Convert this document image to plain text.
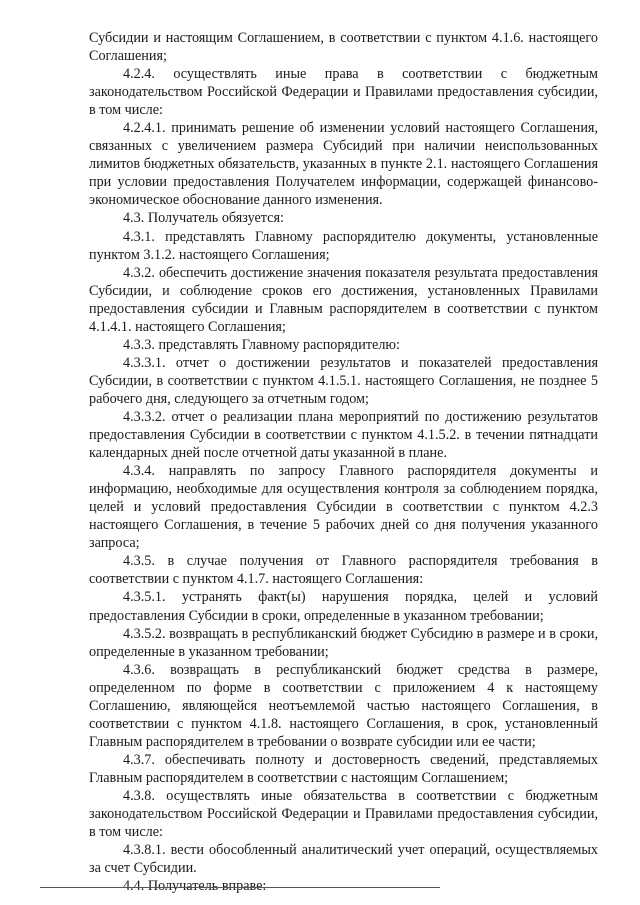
Субсидии и настоящим Соглашением, в соответствии с пунктом 4.1.6. настоящего Соглашения;

4.2.4. осуществлять иные права в соответствии с бюджетным законодательством Российской Федерации и Правилами предоставления субсидии, в том числе:

4.2.4.1. принимать решение об изменении условий настоящего Соглашения, связанных с увеличением размера Субсидий при наличии неиспользованных лимитов бюджетных обязательств, указанных в пункте 2.1. настоящего Соглашения при условии предоставления Получателем информации, содержащей финансово-экономическое обоснование данного изменения.

4.3. Получатель обязуется:

4.3.1. представлять Главному распорядителю документы, установленные пунктом 3.1.2. настоящего Соглашения;

4.3.2. обеспечить достижение значения показателя результата предоставления Субсидии, и соблюдение сроков его достижения, установленных Правилами предоставления субсидии и Главным распорядителем в соответствии с пунктом 4.1.4.1. настоящего Соглашения;

4.3.3. представлять Главному распорядителю:

4.3.3.1. отчет о достижении результатов и показателей предоставления Субсидии, в соответствии с пунктом 4.1.5.1. настоящего Соглашения, не позднее 5 рабочего дня, следующего за отчетным годом;

4.3.3.2. отчет о реализации плана мероприятий по достижению результатов предоставления Субсидии в соответствии с пунктом 4.1.5.2. в течении пятнадцати календарных дней после отчетной даты указанной в плане.

4.3.4. направлять по запросу Главного распорядителя документы и информацию, необходимые для осуществления контроля за соблюдением порядка, целей и условий предоставления Субсидии в соответствии с пунктом 4.2.3 настоящего Соглашения, в течение 5 рабочих дней со дня получения указанного запроса;

4.3.5. в случае получения от Главного распорядителя требования в соответствии с пунктом 4.1.7. настоящего Соглашения:

4.3.5.1. устранять факт(ы) нарушения порядка, целей и условий предоставления Субсидии в сроки, определенные в указанном требовании;

4.3.5.2. возвращать в республиканский бюджет Субсидию в размере и в сроки, определенные в указанном требовании;

4.3.6. возвращать в республиканский бюджет средства в размере, определенном по форме в соответствии с приложением 4 к настоящему Соглашению, являющейся неотъемлемой частью настоящего Соглашения, в соответствии с пунктом 4.1.8. настоящего Соглашения, в срок, установленный Главным распорядителем в требовании о возврате субсидии или ее части;

4.3.7. обеспечивать полноту и достоверность сведений, представляемых Главным распорядителем в соответствии с настоящим Соглашением;

4.3.8. осуществлять иные обязательства в соответствии с бюджетным законодательством Российской Федерации и Правилами предоставления субсидии, в том числе:

4.3.8.1. вести обособленный аналитический учет операций, осуществляемых за счет Субсидии.

4.4. Получатель вправе:
